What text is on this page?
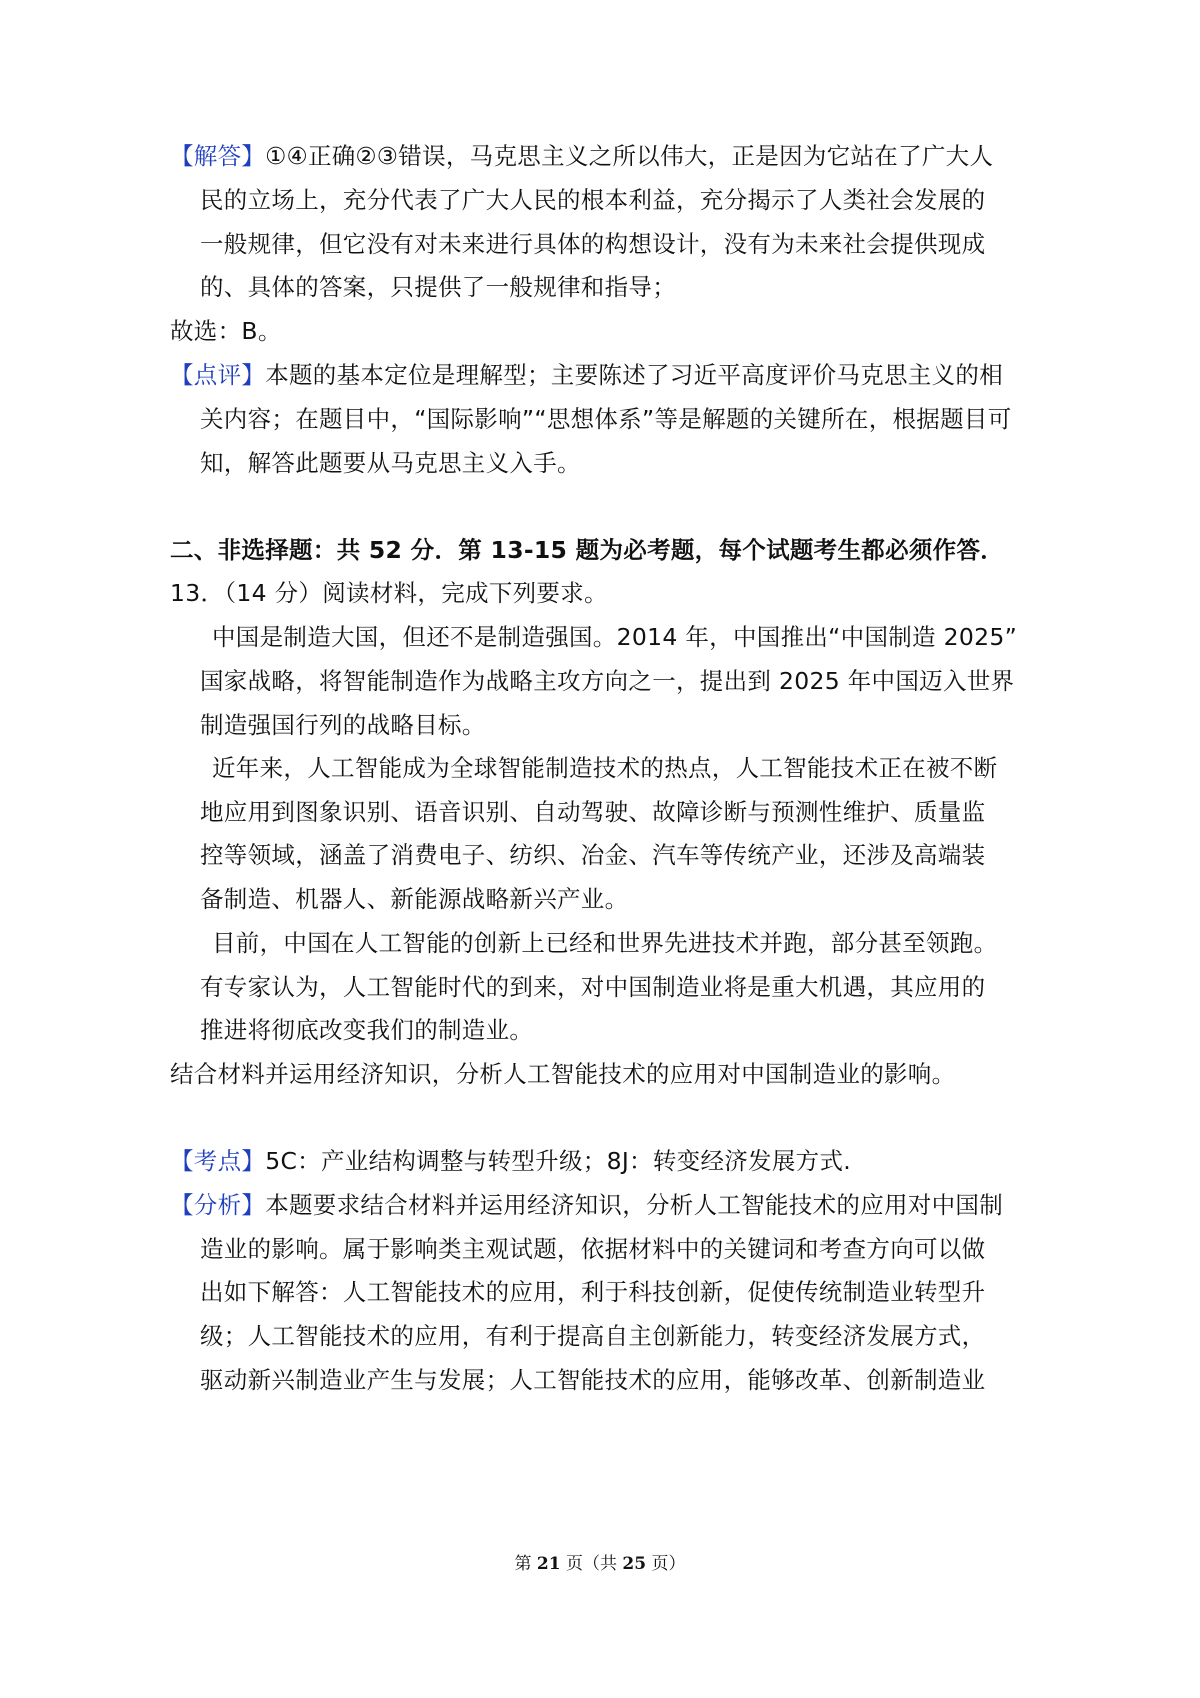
【解答】①④正确②③错误，马克思主义之所以伟大，正是因为它站在了广大人
民的立场上，充分代表了广大人民的根本利益，充分揭示了人类社会发展的
一般规律，但它没有对未来进行具体的构想设计，没有为未来社会提供现成
的、具体的答案，只提供了一般规律和指导；
故选：B。
【点评】本题的基本定位是理解型；主要陈述了习近平高度评价马克思主义的相
关内容；在题目中，“国际影响”“思想体系”等是解题的关键所在，根据题目可
知，解答此题要从马克思主义入手。
二、非选择题：共 52 分．第 13-15 题为必考题，每个试题考生都必须作答．
13．（14 分）阅读材料，完成下列要求。
中国是制造大国，但还不是制造强国。2014 年，中国推出“中国制造 2025”
国家战略，将智能制造作为战略主攻方向之一，提出到 2025 年中国迈入世界
制造强国行列的战略目标。
近年来，人工智能成为全球智能制造技术的热点，人工智能技术正在被不断
地应用到图象识别、语音识别、自动驾驶、故障诊断与预测性维护、质量监
控等领域，涵盖了消费电子、纺织、冶金、汽车等传统产业，还涉及高端装
备制造、机器人、新能源战略新兴产业。
目前，中国在人工智能的创新上已经和世界先进技术并跑，部分甚至领跑。
有专家认为，人工智能时代的到来，对中国制造业将是重大机遇，其应用的
推进将彻底改变我们的制造业。
结合材料并运用经济知识，分析人工智能技术的应用对中国制造业的影响。
【考点】5C：产业结构调整与转型升级；8J：转变经济发展方式.
【分析】本题要求结合材料并运用经济知识，分析人工智能技术的应用对中国制
造业的影响。属于影响类主观试题，依据材料中的关键词和考查方向可以做
出如下解答：人工智能技术的应用，利于科技创新，促使传统制造业转型升
级；人工智能技术的应用，有利于提高自主创新能力，转变经济发展方式，
驱动新兴制造业产生与发展；人工智能技术的应用，能够改革、创新制造业
第 21 页（共 25 页）
